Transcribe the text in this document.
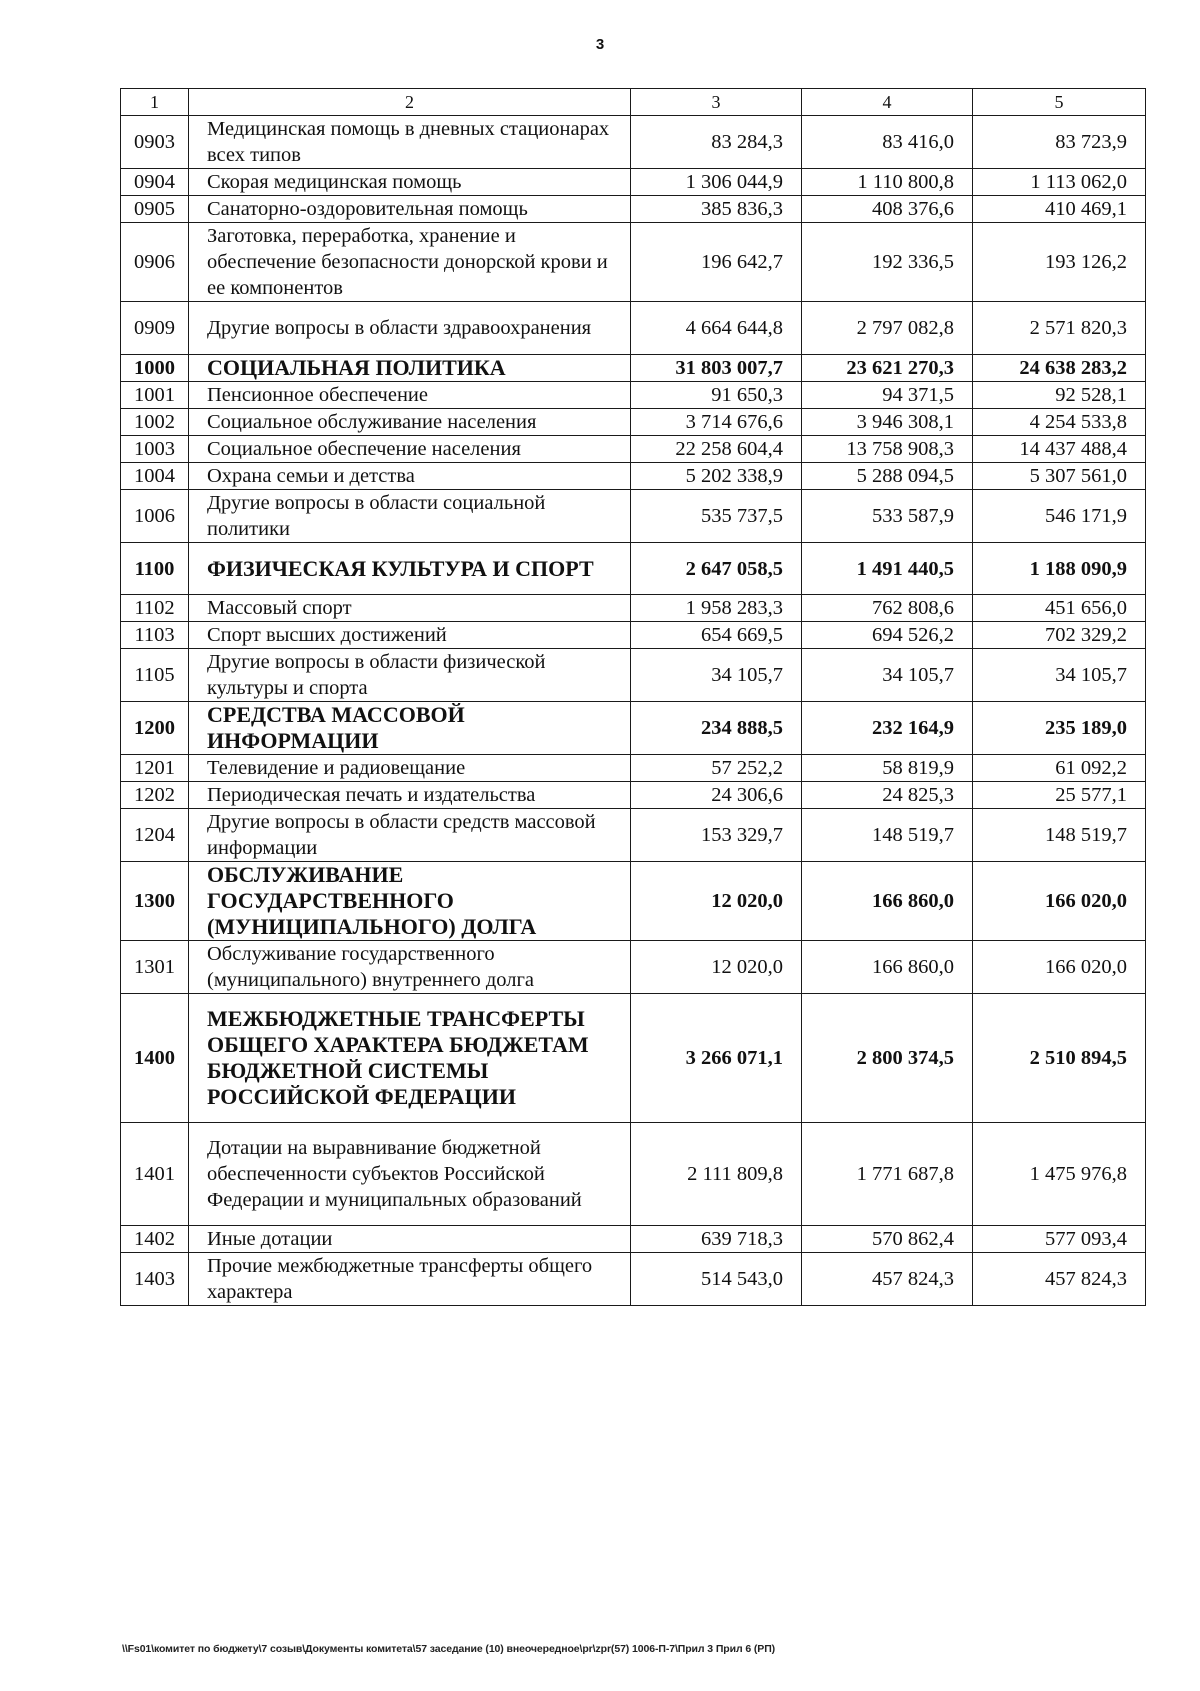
3
1	2	3	4	5
0903	Медицинская помощь в дневных стационарах всех типов	83 284,3	83 416,0	83 723,9
0904	Скорая медицинская помощь	1 306 044,9	1 110 800,8	1 113 062,0
0905	Санаторно-оздоровительная помощь	385 836,3	408 376,6	410 469,1
0906	Заготовка, переработка, хранение и обеспечение безопасности донорской крови и ее компонентов	196 642,7	192 336,5	193 126,2
0909	Другие вопросы в области здравоохранения	4 664 644,8	2 797 082,8	2 571 820,3
1000	СОЦИАЛЬНАЯ ПОЛИТИКА	31 803 007,7	23 621 270,3	24 638 283,2
1001	Пенсионное обеспечение	91 650,3	94 371,5	92 528,1
1002	Социальное обслуживание населения	3 714 676,6	3 946 308,1	4 254 533,8
1003	Социальное обеспечение населения	22 258 604,4	13 758 908,3	14 437 488,4
1004	Охрана семьи и детства	5 202 338,9	5 288 094,5	5 307 561,0
1006	Другие вопросы в области социальной политики	535 737,5	533 587,9	546 171,9
1100	ФИЗИЧЕСКАЯ КУЛЬТУРА И СПОРТ	2 647 058,5	1 491 440,5	1 188 090,9
1102	Массовый спорт	1 958 283,3	762 808,6	451 656,0
1103	Спорт высших достижений	654 669,5	694 526,2	702 329,2
1105	Другие вопросы в области физической культуры и спорта	34 105,7	34 105,7	34 105,7
1200	СРЕДСТВА МАССОВОЙ ИНФОРМАЦИИ	234 888,5	232 164,9	235 189,0
1201	Телевидение и радиовещание	57 252,2	58 819,9	61 092,2
1202	Периодическая печать и издательства	24 306,6	24 825,3	25 577,1
1204	Другие вопросы в области средств массовой информации	153 329,7	148 519,7	148 519,7
1300	ОБСЛУЖИВАНИЕ ГОСУДАРСТВЕННОГО (МУНИЦИПАЛЬНОГО) ДОЛГА	12 020,0	166 860,0	166 020,0
1301	Обслуживание государственного (муниципального) внутреннего долга	12 020,0	166 860,0	166 020,0
1400	МЕЖБЮДЖЕТНЫЕ ТРАНСФЕРТЫ ОБЩЕГО ХАРАКТЕРА БЮДЖЕТАМ БЮДЖЕТНОЙ СИСТЕМЫ РОССИЙСКОЙ ФЕДЕРАЦИИ	3 266 071,1	2 800 374,5	2 510 894,5
1401	Дотации на выравнивание бюджетной обеспеченности субъектов Российской Федерации и муниципальных образований	2 111 809,8	1 771 687,8	1 475 976,8
1402	Иные дотации	639 718,3	570 862,4	577 093,4
1403	Прочие межбюджетные трансферты общего характера	514 543,0	457 824,3	457 824,3
\\Fs01\комитет по бюджету\7 созыв\Документы комитета\57 заседание (10) внеочередное\pr\zpr(57) 1006-П-7\Прил 3 Прил 6 (РП)
